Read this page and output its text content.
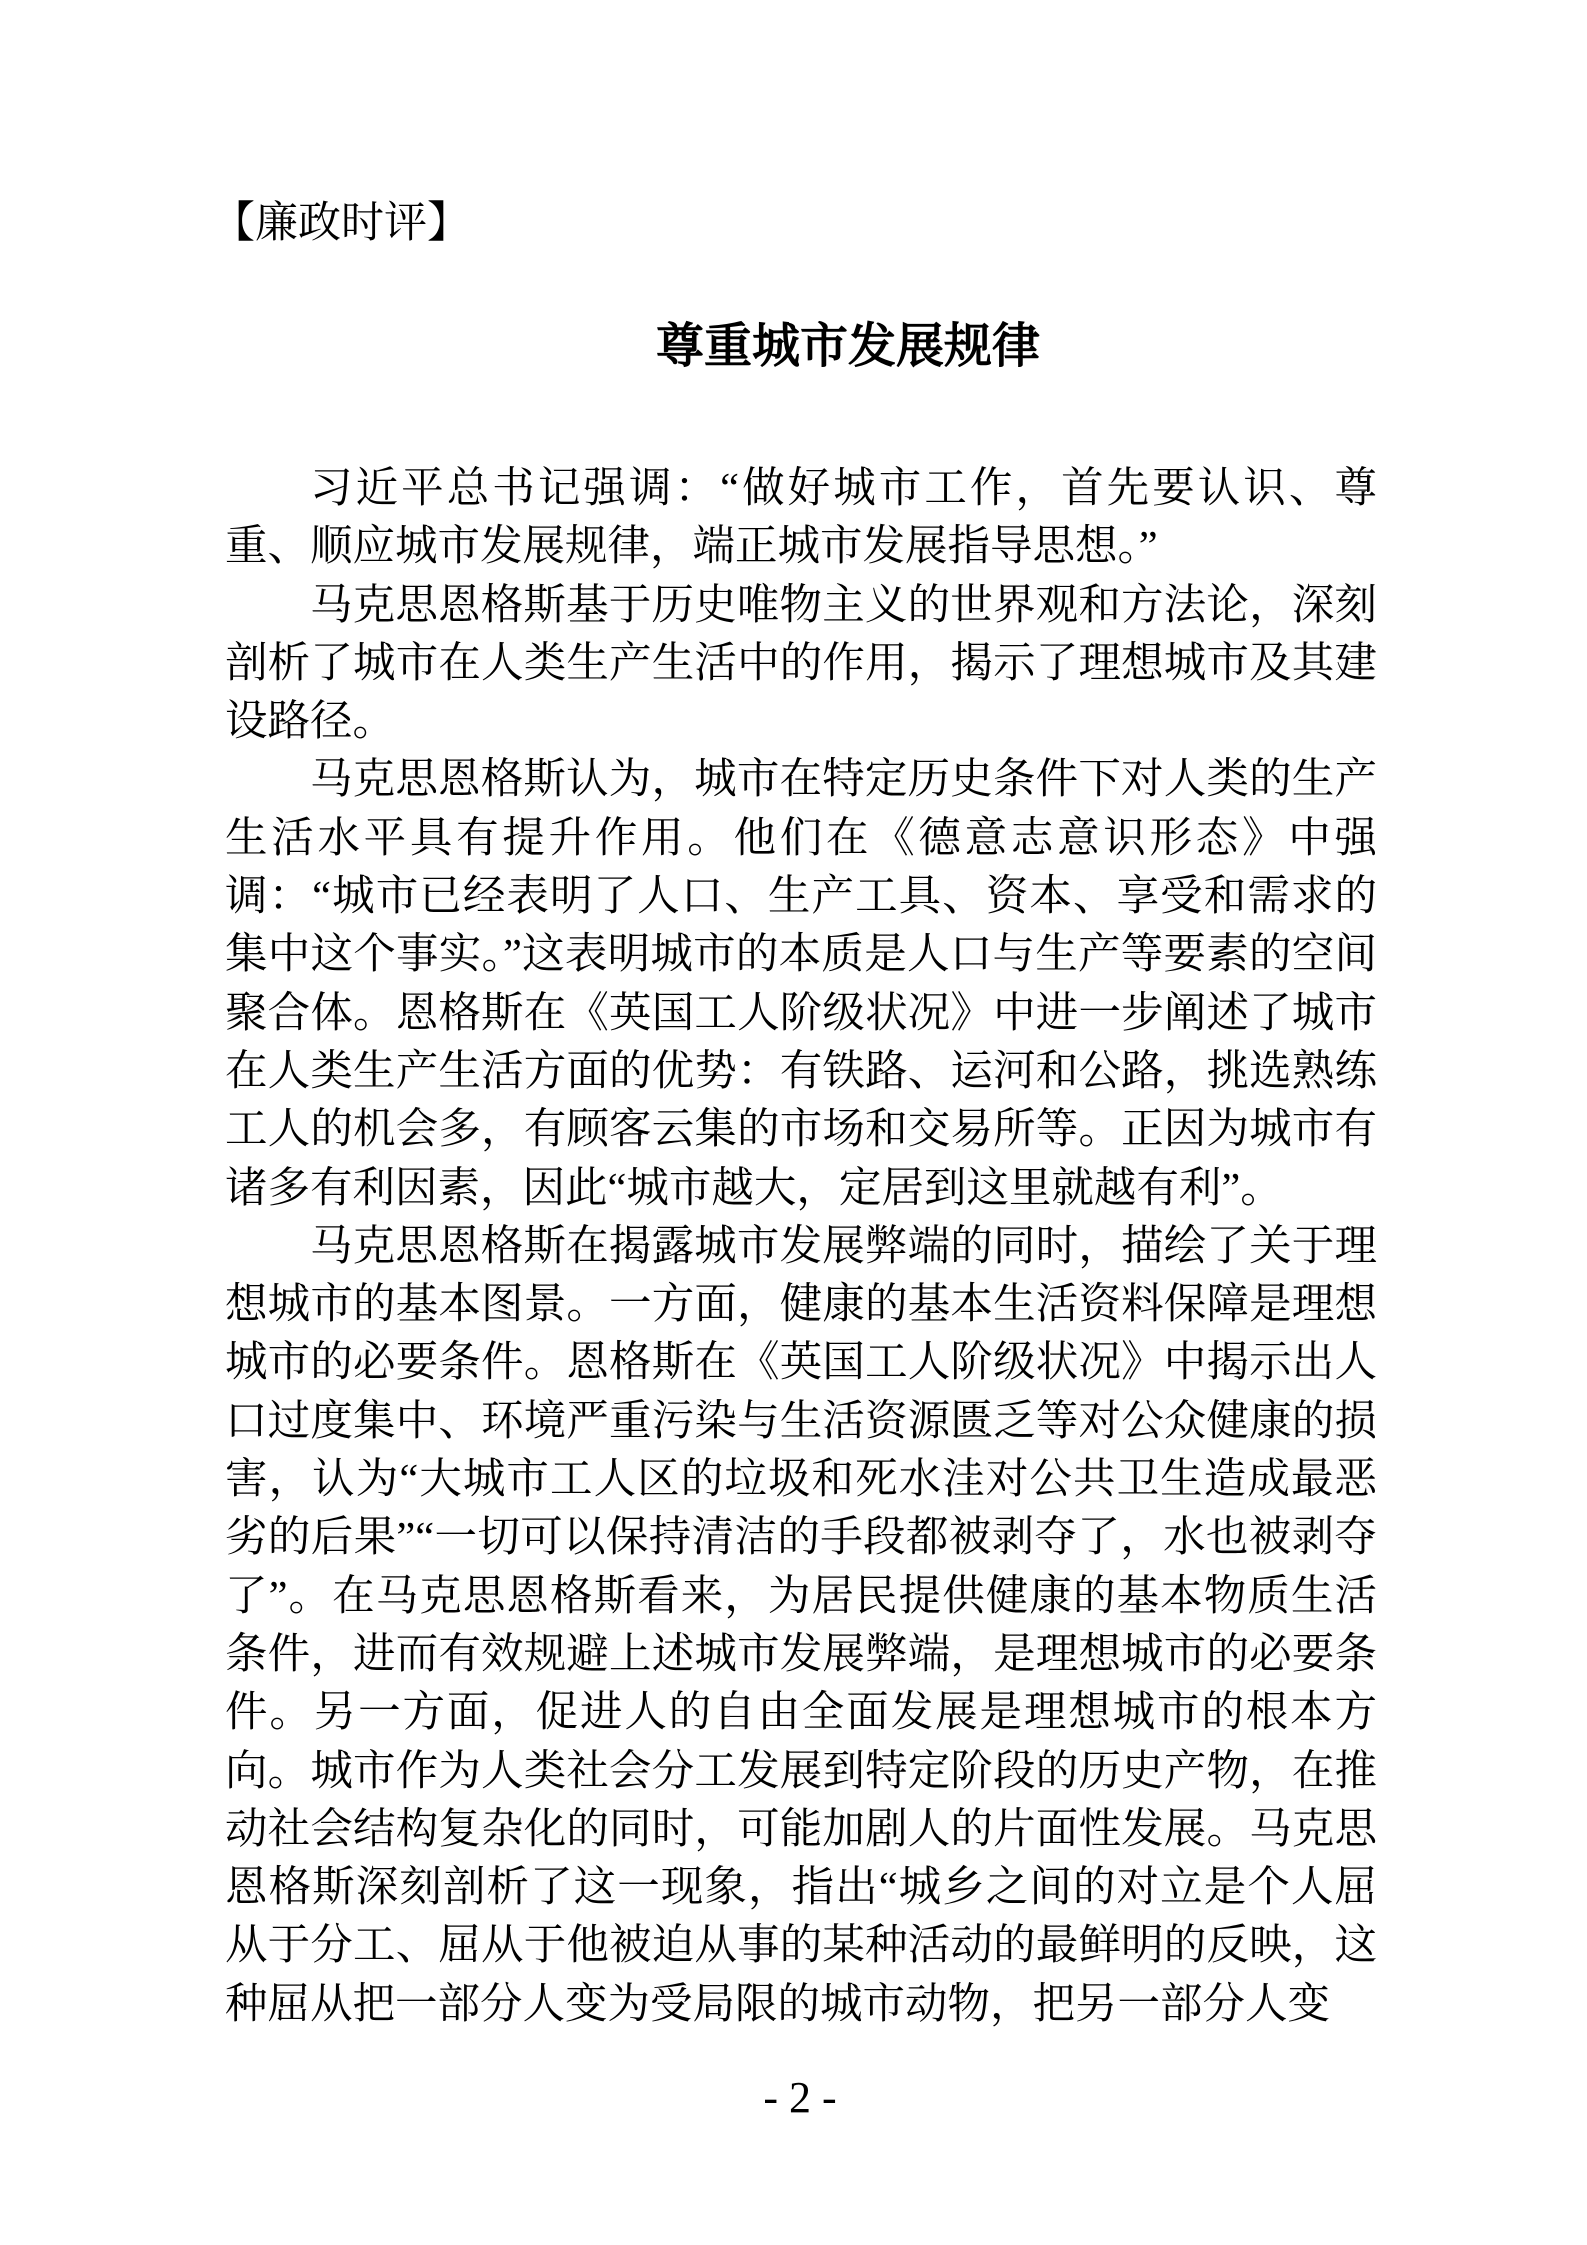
【廉政时评】
尊重城市发展规律

习近平总书记强调：“做好城市工作，首先要认识、尊重、顺应城市发展规律，端正城市发展指导思想。”

马克思恩格斯基于历史唯物主义的世界观和方法论，深刻剖析了城市在人类生产生活中的作用，揭示了理想城市及其建设路径。

马克思恩格斯认为，城市在特定历史条件下对人类的生产生活水平具有提升作用。他们在《德意志意识形态》中强调：“城市已经表明了人口、生产工具、资本、享受和需求的集中这个事实。”这表明城市的本质是人口与生产等要素的空间聚合体。恩格斯在《英国工人阶级状况》中进一步阐述了城市在人类生产生活方面的优势：有铁路、运河和公路，挑选熟练工人的机会多，有顾客云集的市场和交易所等。正因为城市有诸多有利因素，因此“城市越大，定居到这里就越有利”。

马克思恩格斯在揭露城市发展弊端的同时，描绘了关于理想城市的基本图景。一方面，健康的基本生活资料保障是理想城市的必要条件。恩格斯在《英国工人阶级状况》中揭示出人口过度集中、环境严重污染与生活资源匮乏等对公众健康的损害，认为“大城市工人区的垃圾和死水洼对公共卫生造成最恶劣的后果”“一切可以保持清洁的手段都被剥夺了，水也被剥夺了”。在马克思恩格斯看来，为居民提供健康的基本物质生活条件，进而有效规避上述城市发展弊端，是理想城市的必要条件。另一方面，促进人的自由全面发展是理想城市的根本方向。城市作为人类社会分工发展到特定阶段的历史产物，在推动社会结构复杂化的同时，可能加剧人的片面性发展。马克思恩格斯深刻剖析了这一现象，指出“城乡之间的对立是个人屈从于分工、屈从于他被迫从事的某种活动的最鲜明的反映，这种屈从把一部分人变为受局限的城市动物，把另一部分人变

- 2 -
